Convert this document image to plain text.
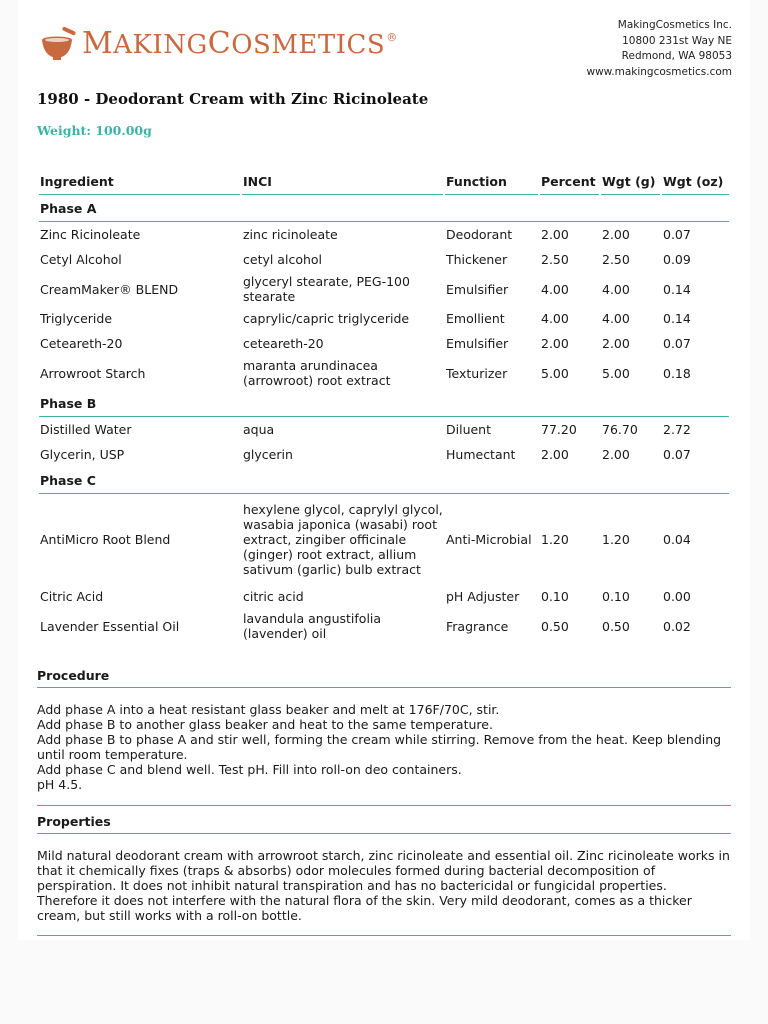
MAKINGCOSMETICS®
MakingCosmetics Inc.
10800 231st Way NE
Redmond, WA 98053
www.makingcosmetics.com
1980 - Deodorant Cream with Zinc Ricinoleate
Weight: 100.00g
Ingredient	INCI	Function	Percent	Wgt (g)	Wgt (oz)
Phase A					
Zinc Ricinoleate	zinc ricinoleate	Deodorant	2.00	2.00	0.07
Cetyl Alcohol	cetyl alcohol	Thickener	2.50	2.50	0.09
CreamMaker® BLEND	glyceryl stearate, PEG-100 stearate	Emulsifier	4.00	4.00	0.14
Triglyceride	caprylic/capric triglyceride	Emollient	4.00	4.00	0.14
Ceteareth-20	ceteareth-20	Emulsifier	2.00	2.00	0.07
Arrowroot Starch	maranta arundinacea (arrowroot) root extract	Texturizer	5.00	5.00	0.18
Phase B					
Distilled Water	aqua	Diluent	77.20	76.70	2.72
Glycerin, USP	glycerin	Humectant	2.00	2.00	0.07
Phase C					
AntiMicro Root Blend	hexylene glycol, caprylyl glycol, wasabia japonica (wasabi) root extract, zingiber officinale (ginger) root extract, allium sativum (garlic) bulb extract	Anti-Microbial	1.20	1.20	0.04
Citric Acid	citric acid	pH Adjuster	0.10	0.10	0.00
Lavender Essential Oil	lavandula angustifolia (lavender) oil	Fragrance	0.50	0.50	0.02
Procedure
Add phase A into a heat resistant glass beaker and melt at 176F/70C, stir.
Add phase B to another glass beaker and heat to the same temperature.
Add phase B to phase A and stir well, forming the cream while stirring. Remove from the heat. Keep blending until room temperature.
Add phase C and blend well. Test pH. Fill into roll-on deo containers.
pH 4.5.
Properties
Mild natural deodorant cream with arrowroot starch, zinc ricinoleate and essential oil. Zinc ricinoleate works in that it chemically fixes (traps & absorbs) odor molecules formed during bacterial decomposition of perspiration. It does not inhibit natural transpiration and has no bactericidal or fungicidal properties. Therefore it does not interfere with the natural flora of the skin. Very mild deodorant, comes as a thicker cream, but still works with a roll-on bottle.
